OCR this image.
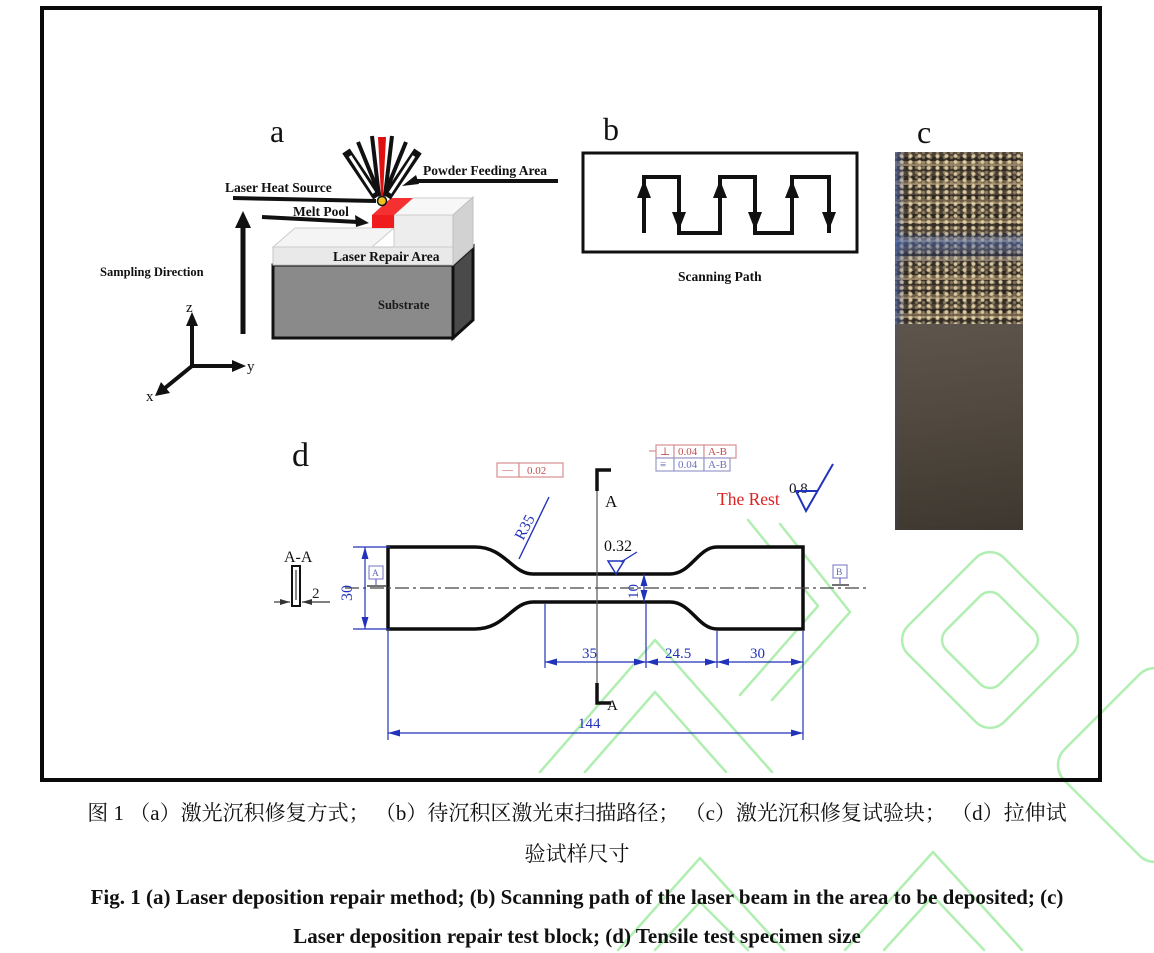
a
Laser Heat Source
Powder Feeding Area
Melt Pool
Laser Repair Area
Substrate
Sampling Direction
z
y
x
b
Scanning Path
c
d
A-A
2
A
A
A	B
30	10
0.32
R35
35	24.5	30
144
— 0.02
⊥ 0.04 A-B
≡ 0.04 A-B
The Rest 0.8
图 1 （a）激光沉积修复方式； （b）待沉积区激光束扫描路径； （c）激光沉积修复试验块； （d）拉伸试
验试样尺寸
Fig. 1 (a) Laser deposition repair method; (b) Scanning path of the laser beam in the area to be deposited; (c)
Laser deposition repair test block; (d) Tensile test specimen size
